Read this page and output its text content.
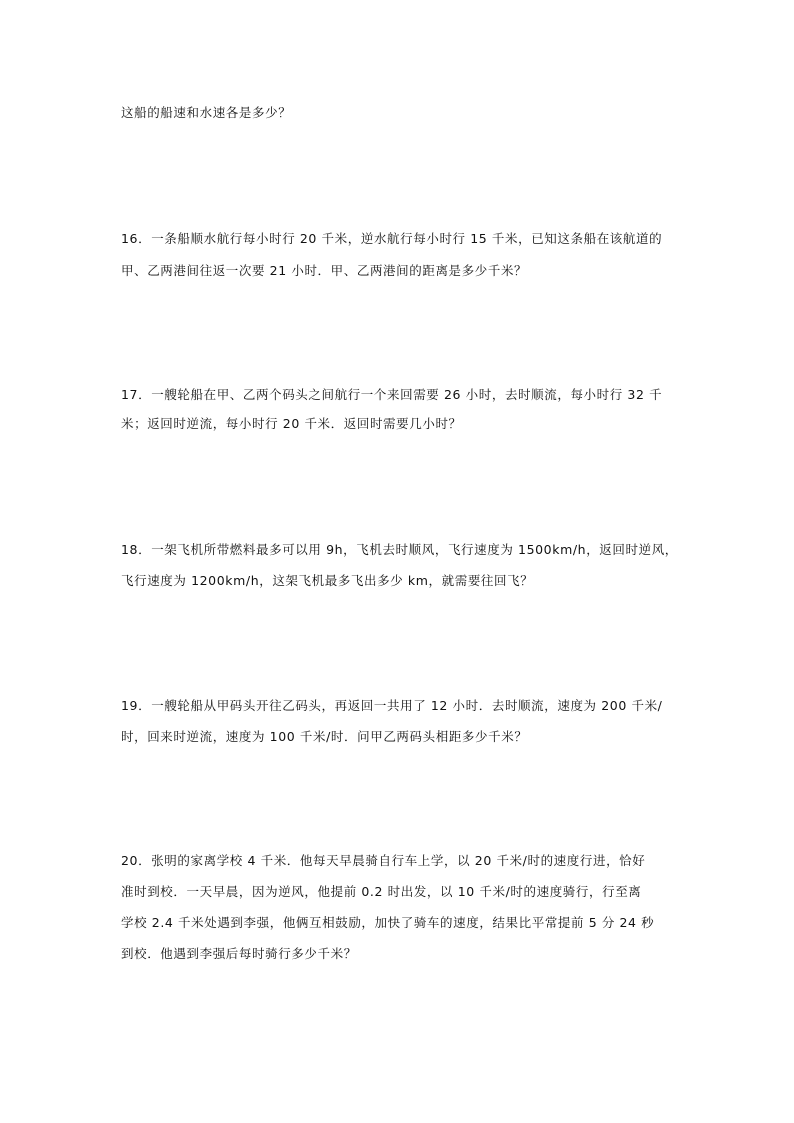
这船的船速和水速各是多少？
16．一条船顺水航行每小时行 20 千米，逆水航行每小时行 15 千米，已知这条船在该航道的
甲、乙两港间往返一次要 21 小时．甲、乙两港间的距离是多少千米？
17．一艘轮船在甲、乙两个码头之间航行一个来回需要 26 小时，去时顺流，每小时行 32 千
米；返回时逆流，每小时行 20 千米．返回时需要几小时？
18．一架飞机所带燃料最多可以用 9h，飞机去时顺风，飞行速度为 1500km/h，返回时逆风，
飞行速度为 1200km/h，这架飞机最多飞出多少 km，就需要往回飞？
19．一艘轮船从甲码头开往乙码头，再返回一共用了 12 小时．去时顺流，速度为 200 千米/
时，回来时逆流，速度为 100 千米/时．问甲乙两码头相距多少千米？
20．张明的家离学校 4 千米．他每天早晨骑自行车上学，以 20 千米/时的速度行进，恰好
准时到校．一天早晨，因为逆风，他提前 0.2 时出发，以 10 千米/时的速度骑行，行至离
学校 2.4 千米处遇到李强，他俩互相鼓励，加快了骑车的速度，结果比平常提前 5 分 24 秒
到校．他遇到李强后每时骑行多少千米？
